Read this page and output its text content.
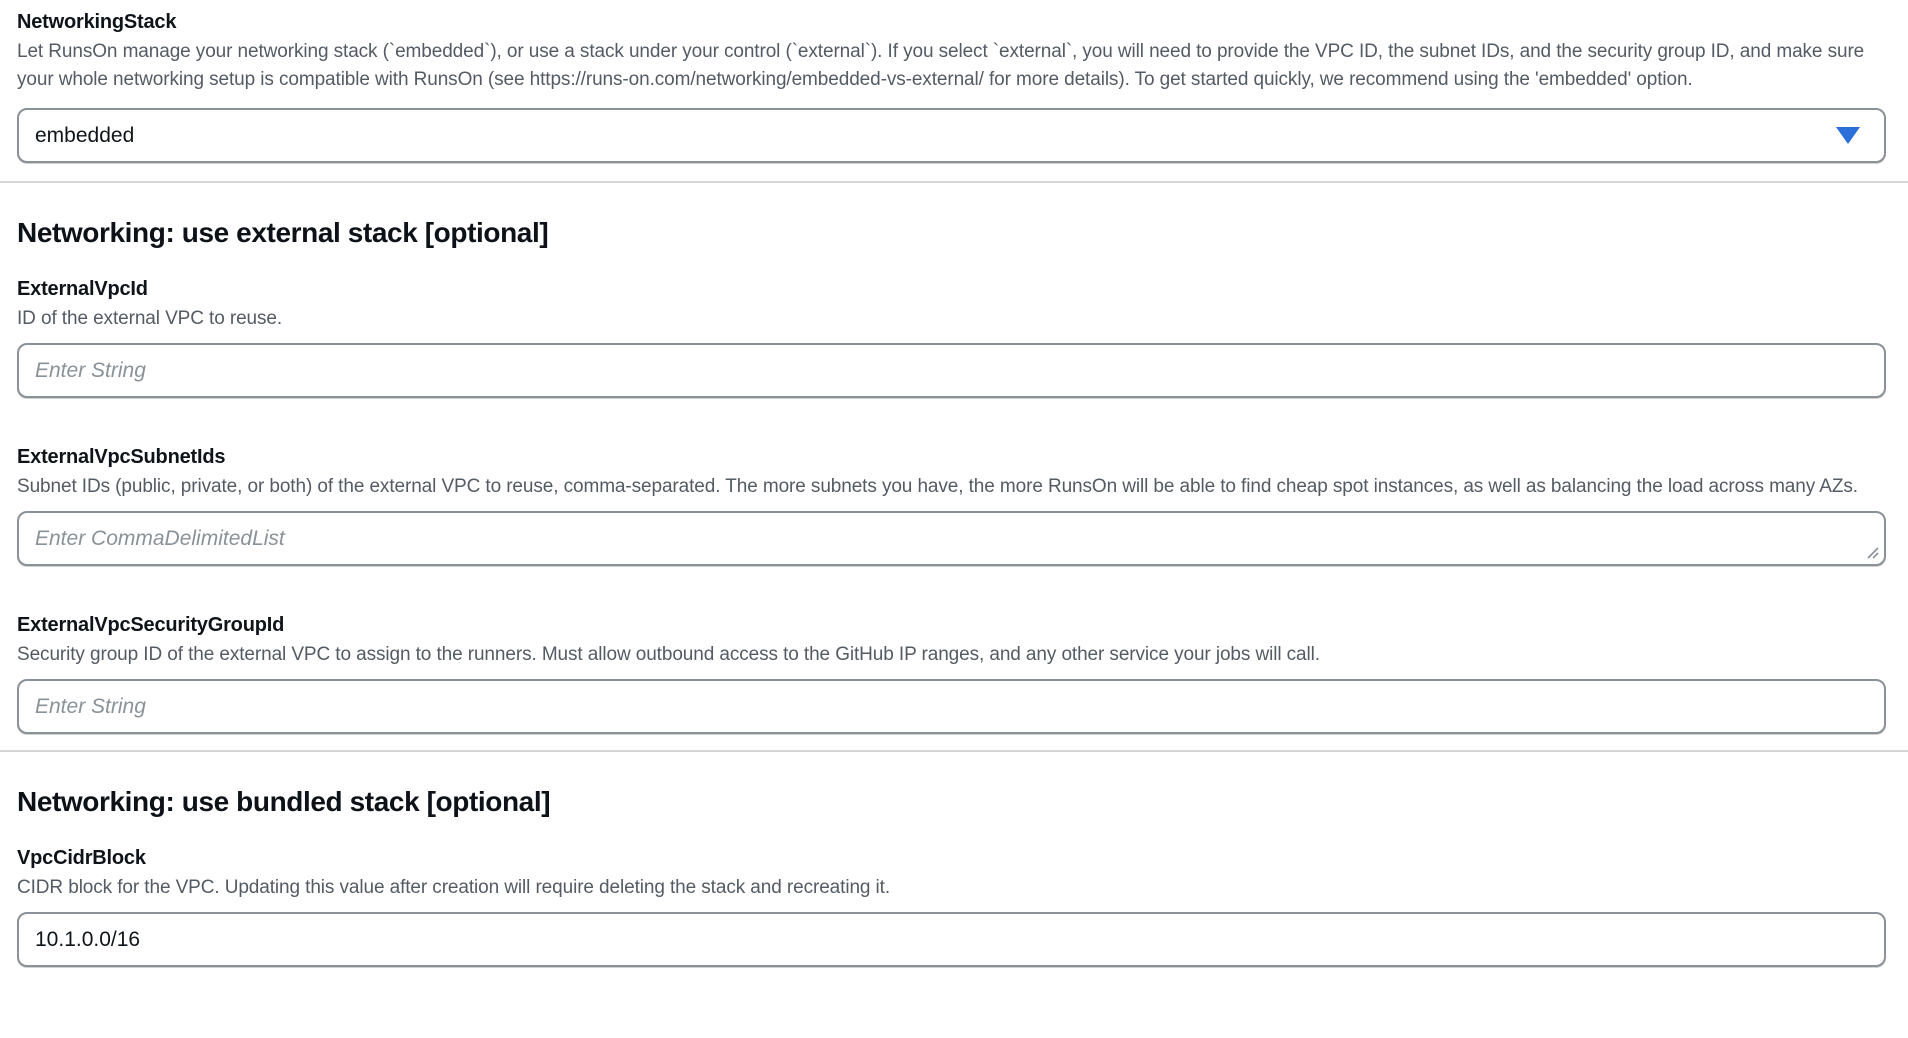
NetworkingStack

Let RunsOn manage your networking stack (`embedded`), or use a stack under your control (`external`). If you select `external`, you will need to provide the VPC ID, the subnet IDs, and the security group ID, and make sure your whole networking setup is compatible with RunsOn (see https://runs-on.com/networking/embedded-vs-external/ for more details). To get started quickly, we recommend using the 'embedded' option.

embedded
Networking: use external stack [optional]
ExternalVpcId

ID of the external VPC to reuse.

Enter String
ExternalVpcSubnetIds

Subnet IDs (public, private, or both) of the external VPC to reuse, comma-separated. The more subnets you have, the more RunsOn will be able to find cheap spot instances, as well as balancing the load across many AZs.

Enter CommaDelimitedList
ExternalVpcSecurityGroupId

Security group ID of the external VPC to assign to the runners. Must allow outbound access to the GitHub IP ranges, and any other service your jobs will call.

Enter String
Networking: use bundled stack [optional]
VpcCidrBlock

CIDR block for the VPC. Updating this value after creation will require deleting the stack and recreating it.

10.1.0.0/16
